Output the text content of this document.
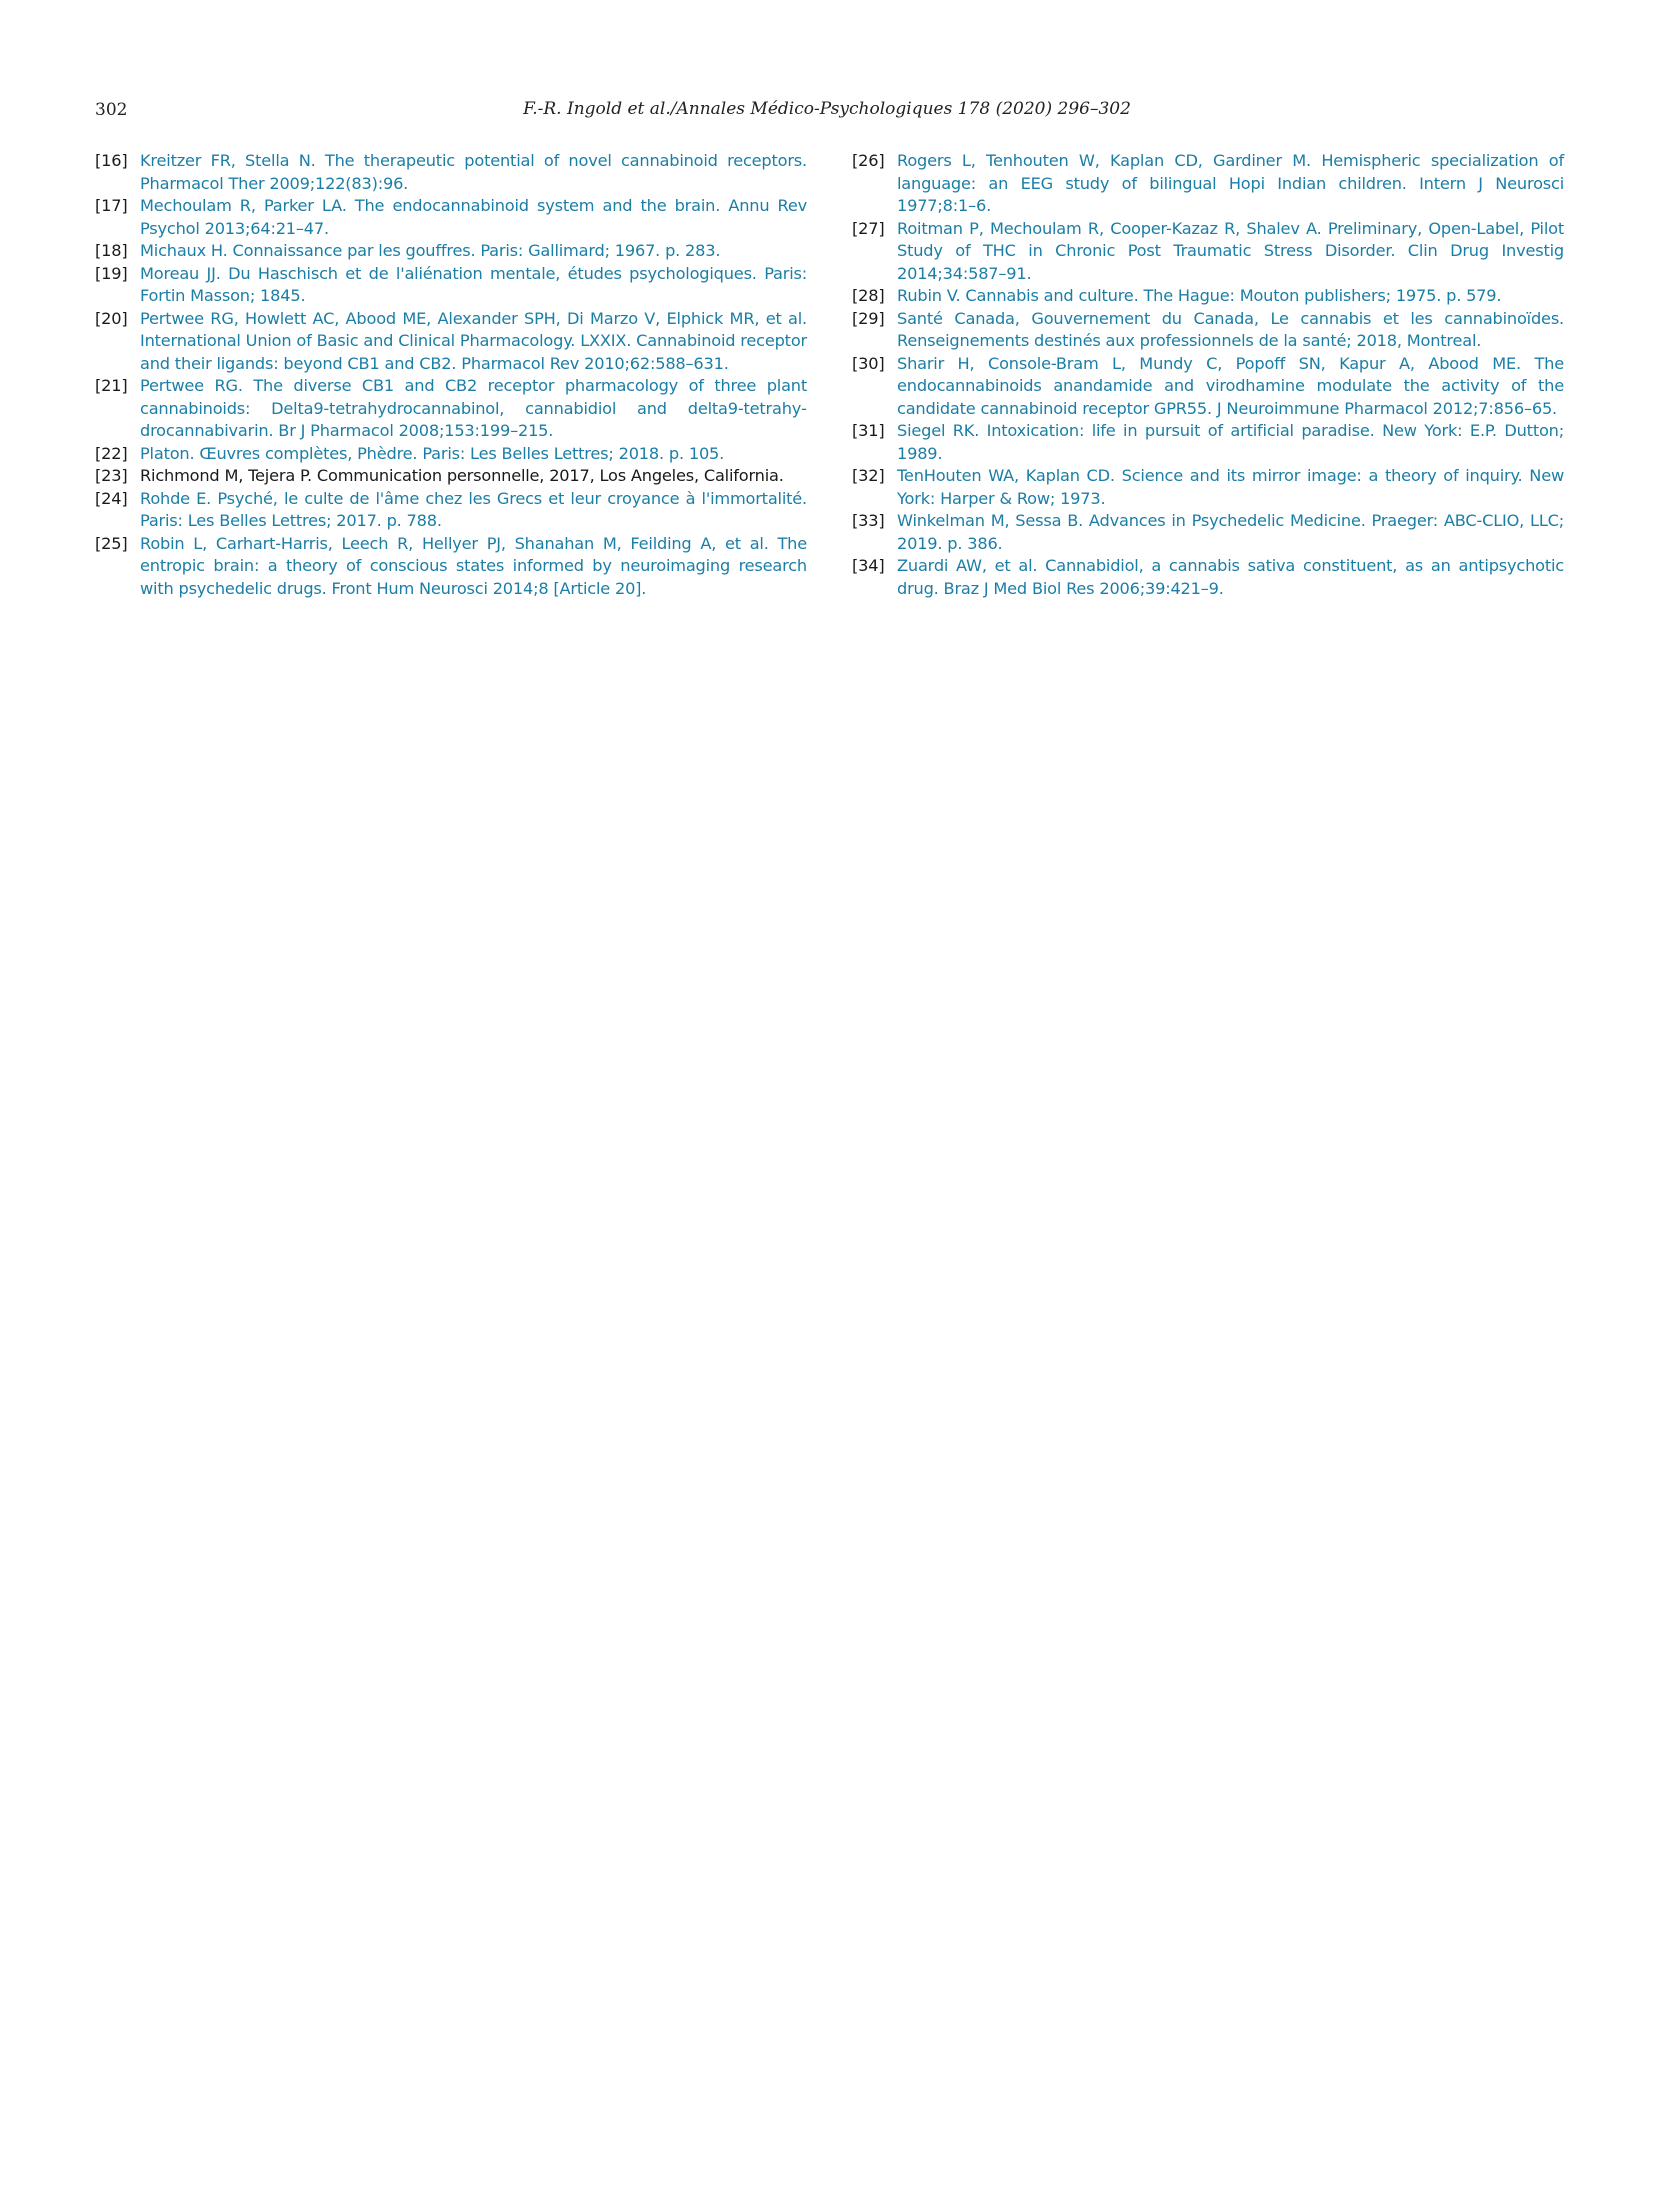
302	F.-R. Ingold et al./Annales Médico-Psychologiques 178 (2020) 296–302
[16] Kreitzer FR, Stella N. The therapeutic potential of novel cannabinoid receptors. Pharmacol Ther 2009;122(83):96.
[17] Mechoulam R, Parker LA. The endocannabinoid system and the brain. Annu Rev Psychol 2013;64:21–47.
[18] Michaux H. Connaissance par les gouffres. Paris: Gallimard; 1967. p. 283.
[19] Moreau JJ. Du Haschisch et de l'aliénation mentale, études psychologiques. Paris: Fortin Masson; 1845.
[20] Pertwee RG, Howlett AC, Abood ME, Alexander SPH, Di Marzo V, Elphick MR, et al. International Union of Basic and Clinical Pharmacology. LXXIX. Cannabinoid receptor and their ligands: beyond CB1 and CB2. Pharmacol Rev 2010;62:588–631.
[21] Pertwee RG. The diverse CB1 and CB2 receptor pharmacology of three plant cannabinoids: Delta9-tetrahydrocannabinol, cannabidiol and delta9-tetrahydrocannabivarin. Br J Pharmacol 2008;153:199–215.
[22] Platon. Œuvres complètes, Phèdre. Paris: Les Belles Lettres; 2018. p. 105.
[23] Richmond M, Tejera P. Communication personnelle, 2017, Los Angeles, California.
[24] Rohde E. Psyché, le culte de l'âme chez les Grecs et leur croyance à l'immortalité. Paris: Les Belles Lettres; 2017. p. 788.
[25] Robin L, Carhart-Harris, Leech R, Hellyer PJ, Shanahan M, Feilding A, et al. The entropic brain: a theory of conscious states informed by neuroimaging research with psychedelic drugs. Front Hum Neurosci 2014;8 [Article 20].
[26] Rogers L, Tenhouten W, Kaplan CD, Gardiner M. Hemispheric specialization of language: an EEG study of bilingual Hopi Indian children. Intern J Neurosci 1977;8:1–6.
[27] Roitman P, Mechoulam R, Cooper-Kazaz R, Shalev A. Preliminary, Open-Label, Pilot Study of THC in Chronic Post Traumatic Stress Disorder. Clin Drug Investig 2014;34:587–91.
[28] Rubin V. Cannabis and culture. The Hague: Mouton publishers; 1975. p. 579.
[29] Santé Canada, Gouvernement du Canada, Le cannabis et les cannabinoïdes. Renseignements destinés aux professionnels de la santé; 2018, Montreal.
[30] Sharir H, Console-Bram L, Mundy C, Popoff SN, Kapur A, Abood ME. The endocannabinoids anandamide and virodhamine modulate the activity of the candidate cannabinoid receptor GPR55. J Neuroimmune Pharmacol 2012;7:856–65.
[31] Siegel RK. Intoxication: life in pursuit of artificial paradise. New York: E.P. Dutton; 1989.
[32] TenHouten WA, Kaplan CD. Science and its mirror image: a theory of inquiry. New York: Harper & Row; 1973.
[33] Winkelman M, Sessa B. Advances in Psychedelic Medicine. Praeger: ABC-CLIO, LLC; 2019. p. 386.
[34] Zuardi AW, et al. Cannabidiol, a cannabis sativa constituent, as an antipsychotic drug. Braz J Med Biol Res 2006;39:421–9.
